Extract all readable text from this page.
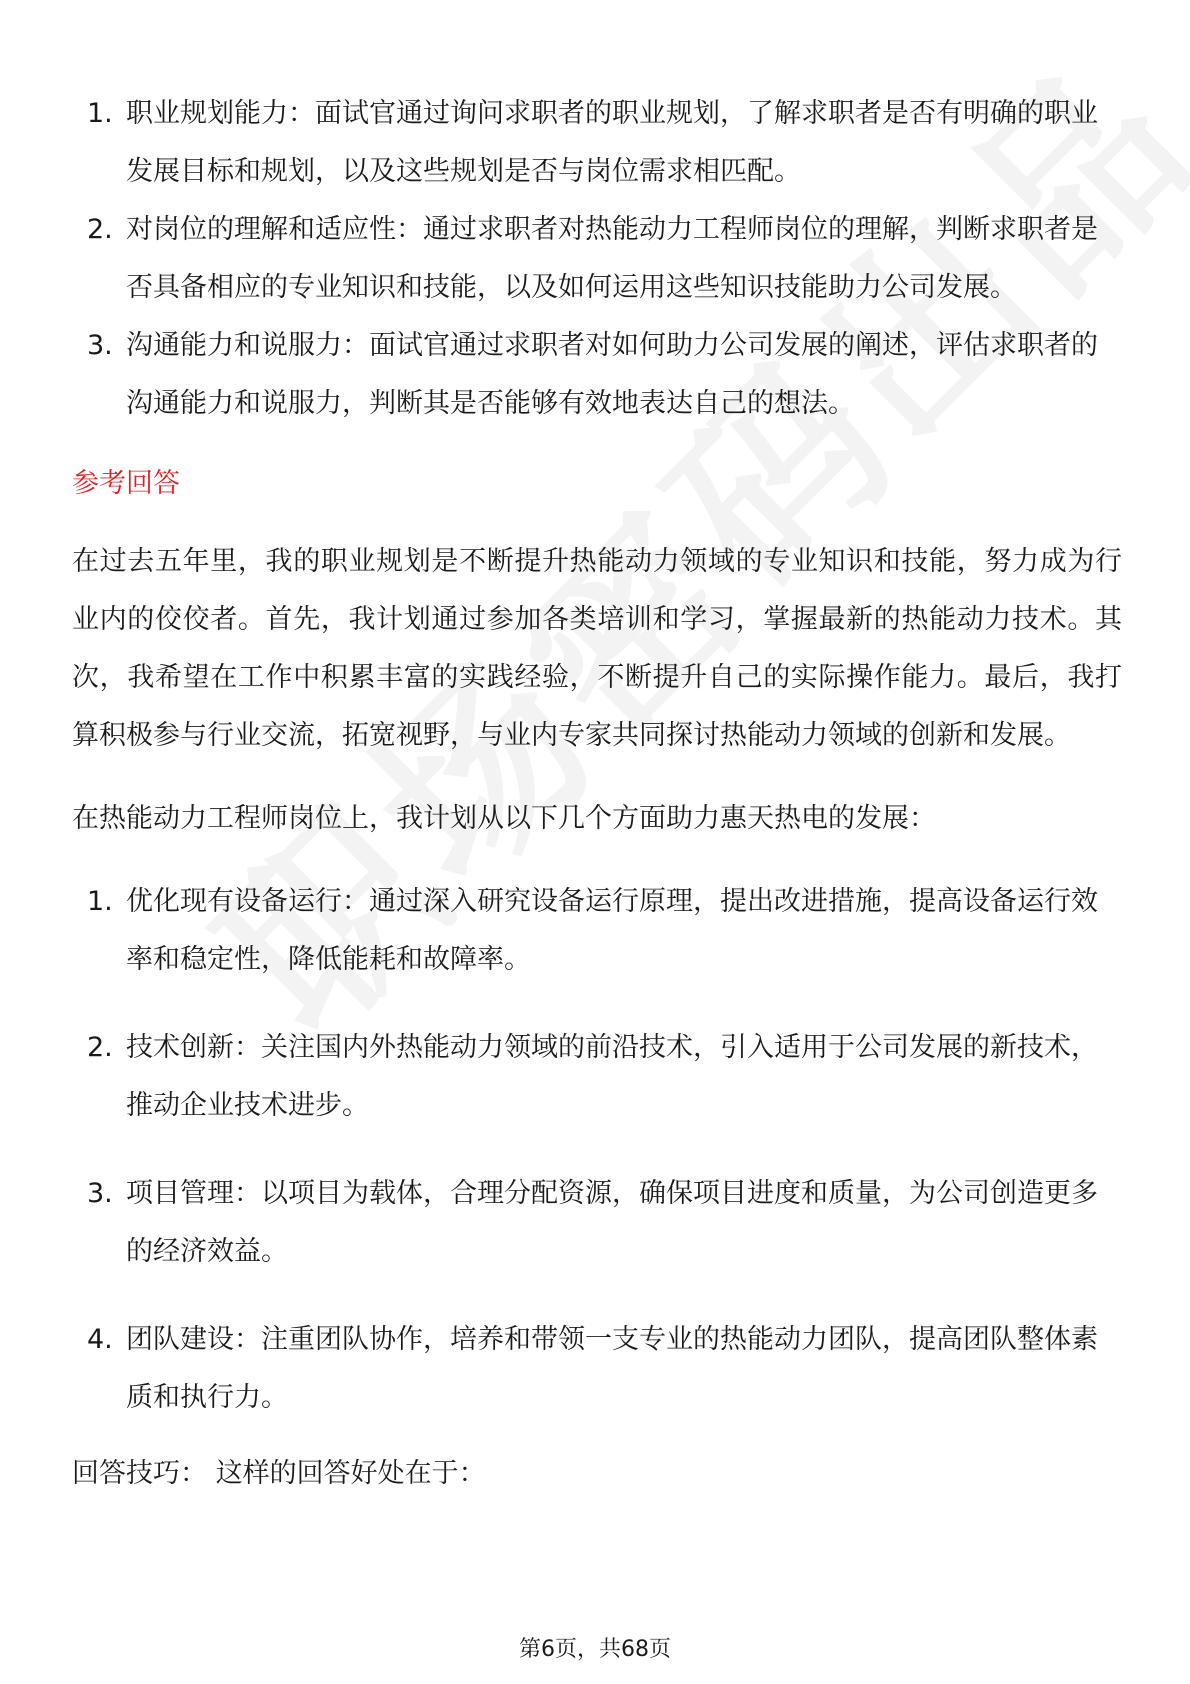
1. 职业规划能力：面试官通过询问求职者的职业规划，了解求职者是否有明确的职业发展目标和规划，以及这些规划是否与岗位需求相匹配。
2. 对岗位的理解和适应性：通过求职者对热能动力工程师岗位的理解，判断求职者是否具备相应的专业知识和技能，以及如何运用这些知识技能助力公司发展。
3. 沟通能力和说服力：面试官通过求职者对如何助力公司发展的阐述，评估求职者的沟通能力和说服力，判断其是否能够有效地表达自己的想法。
参考回答

在过去五年里，我的职业规划是不断提升热能动力领域的专业知识和技能，努力成为行业内的佼佼者。首先，我计划通过参加各类培训和学习，掌握最新的热能动力技术。其次，我希望在工作中积累丰富的实践经验，不断提升自己的实际操作能力。最后，我打算积极参与行业交流，拓宽视野，与业内专家共同探讨热能动力领域的创新和发展。

在热能动力工程师岗位上，我计划从以下几个方面助力惠天热电的发展：

1. 优化现有设备运行：通过深入研究设备运行原理，提出改进措施，提高设备运行效率和稳定性，降低能耗和故障率。
2. 技术创新：关注国内外热能动力领域的前沿技术，引入适用于公司发展的新技术，推动企业技术进步。
3. 项目管理：以项目为载体，合理分配资源，确保项目进度和质量，为公司创造更多的经济效益。
4. 团队建设：注重团队协作，培养和带领一支专业的热能动力团队，提高团队整体素质和执行力。
回答技巧： 这样的回答好处在于：
第6页，共68页
